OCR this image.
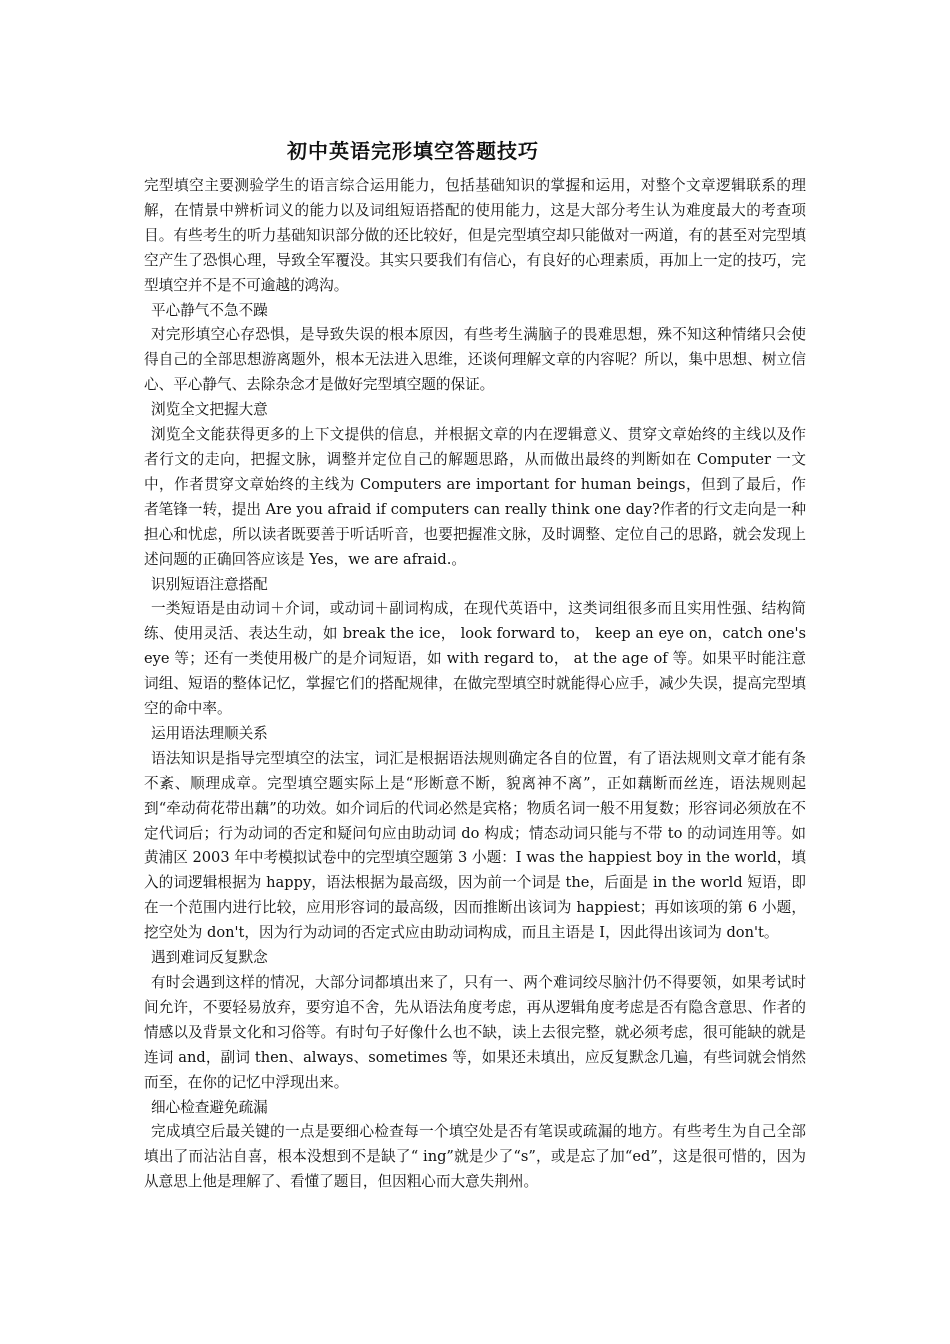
初中英语完形填空答题技巧

完型填空主要测验学生的语言综合运用能力，包括基础知识的掌握和运用，对整个文章逻辑联系的理解，在情景中辨析词义的能力以及词组短语搭配的使用能力，这是大部分考生认为难度最大的考查项目。有些考生的听力基础知识部分做的还比较好，但是完型填空却只能做对一两道，有的甚至对完型填空产生了恐惧心理，导致全军覆没。其实只要我们有信心，有良好的心理素质，再加上一定的技巧，完型填空并不是不可逾越的鸿沟。

平心静气不急不躁

对完形填空心存恐惧，是导致失误的根本原因，有些考生满脑子的畏难思想，殊不知这种情绪只会使得自己的全部思想游离题外，根本无法进入思维，还谈何理解文章的内容呢？所以，集中思想、树立信心、平心静气、去除杂念才是做好完型填空题的保证。

浏览全文把握大意

浏览全文能获得更多的上下文提供的信息，并根据文章的内在逻辑意义、贯穿文章始终的主线以及作者行文的走向，把握文脉，调整并定位自己的解题思路，从而做出最终的判断如在 Computer 一文中，作者贯穿文章始终的主线为 Computers are important for human beings，但到了最后，作者笔锋一转，提出 Are you afraid if computers can really think one day?作者的行文走向是一种担心和忧虑，所以读者既要善于听话听音，也要把握准文脉，及时调整、定位自己的思路，就会发现上述问题的正确回答应该是 Yes，we are afraid.。

识别短语注意搭配

一类短语是由动词＋介词，或动词＋副词构成，在现代英语中，这类词组很多而且实用性强、结构简练、使用灵活、表达生动，如 break the ice， look forward to， keep an eye on，catch one's eye 等；还有一类使用极广的是介词短语，如 with regard to， at the age of 等。如果平时能注意词组、短语的整体记忆，掌握它们的搭配规律，在做完型填空时就能得心应手，减少失误，提高完型填空的命中率。

运用语法理顺关系

语法知识是指导完型填空的法宝，词汇是根据语法规则确定各自的位置，有了语法规则文章才能有条不紊、顺理成章。完型填空题实际上是“形断意不断，貌离神不离”，正如藕断而丝连，语法规则起到“牵动荷花带出藕”的功效。如介词后的代词必然是宾格；物质名词一般不用复数；形容词必须放在不定代词后；行为动词的否定和疑问句应由助动词 do 构成；情态动词只能与不带 to 的动词连用等。如黄浦区 2003 年中考模拟试卷中的完型填空题第 3 小题：I was the happiest boy in the world，填入的词逻辑根据为 happy，语法根据为最高级，因为前一个词是 the，后面是 in the world 短语，即在一个范围内进行比较，应用形容词的最高级，因而推断出该词为 happiest；再如该项的第 6 小题，挖空处为 don't，因为行为动词的否定式应由助动词构成，而且主语是 I，因此得出该词为 don't。

遇到难词反复默念

有时会遇到这样的情况，大部分词都填出来了，只有一、两个难词绞尽脑汁仍不得要领，如果考试时间允许，不要轻易放弃，要穷追不舍，先从语法角度考虑，再从逻辑角度考虑是否有隐含意思、作者的情感以及背景文化和习俗等。有时句子好像什么也不缺，读上去很完整，就必须考虑，很可能缺的就是连词 and，副词 then、always、sometimes 等，如果还未填出，应反复默念几遍，有些词就会悄然而至，在你的记忆中浮现出来。

细心检查避免疏漏

完成填空后最关键的一点是要细心检查每一个填空处是否有笔误或疏漏的地方。有些考生为自己全部填出了而沾沾自喜，根本没想到不是缺了“ ing”就是少了“s”，或是忘了加“ed”，这是很可惜的，因为从意思上他是理解了、看懂了题目，但因粗心而大意失荆州。
